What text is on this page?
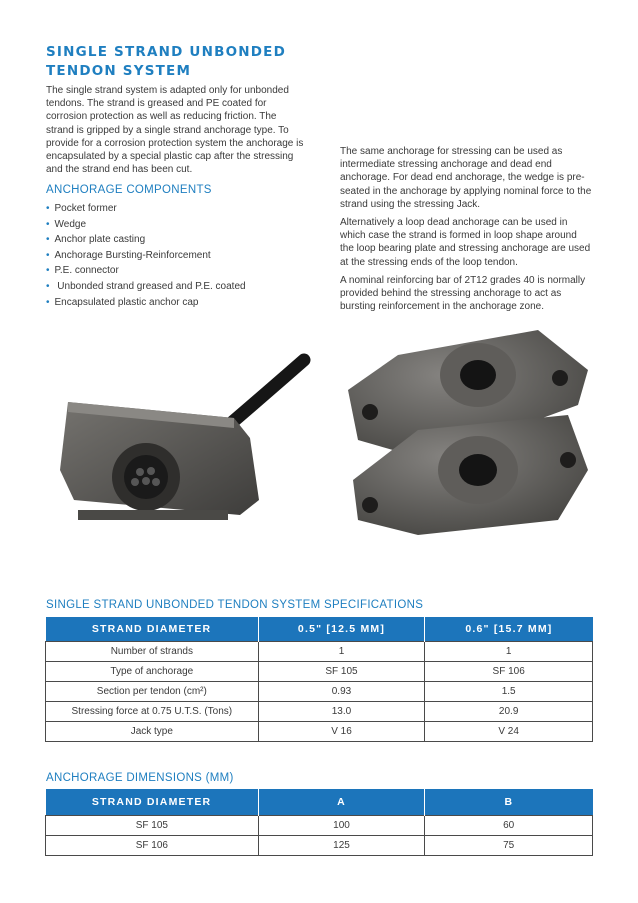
SINGLE STRAND UNBONDED
TENDON SYSTEM

The single strand system is adapted only for unbonded tendons. The strand is greased and PE coated for corrosion protection as well as reducing friction. The strand is gripped by a single strand anchorage type. To provide for a corrosion protection system the anchorage is encapsulated by a special plastic cap after the stressing and the strand end has been cut.

ANCHORAGE COMPONENTS
• Pocket former
• Wedge
• Anchor plate casting
• Anchorage Bursting-Reinforcement
• P.E. connector
• Unbonded strand greased and P.E. coated
• Encapsulated plastic anchor cap

The same anchorage for stressing can be used as intermediate stressing anchorage and dead end anchorage. For dead end anchorage, the wedge is pre-seated in the anchorage by applying nominal force to the strand using the stressing Jack.

Alternatively a loop dead anchorage can be used in which case the strand is formed in loop shape around the loop bearing plate and stressing anchorage are used at the stressing ends of the loop tendon.

A nominal reinforcing bar of 2T12 grades 40 is normally provided behind the stressing anchorage to act as bursting reinforcement in the anchorage zone.

SINGLE STRAND UNBONDED TENDON SYSTEM SPECIFICATIONS
STRAND DIAMETER	0.5" [12.5 MM]	0.6" [15.7 MM]
Number of strands	1	1
Type of anchorage	SF 105	SF 106
Section per tendon (cm²)	0.93	1.5
Stressing force at 0.75 U.T.S. (Tons)	13.0	20.9
Jack type	V 16	V 24
ANCHORAGE DIMENSIONS (MM)
STRAND DIAMETER	A	B
SF 105	100	60
SF 106	125	75
